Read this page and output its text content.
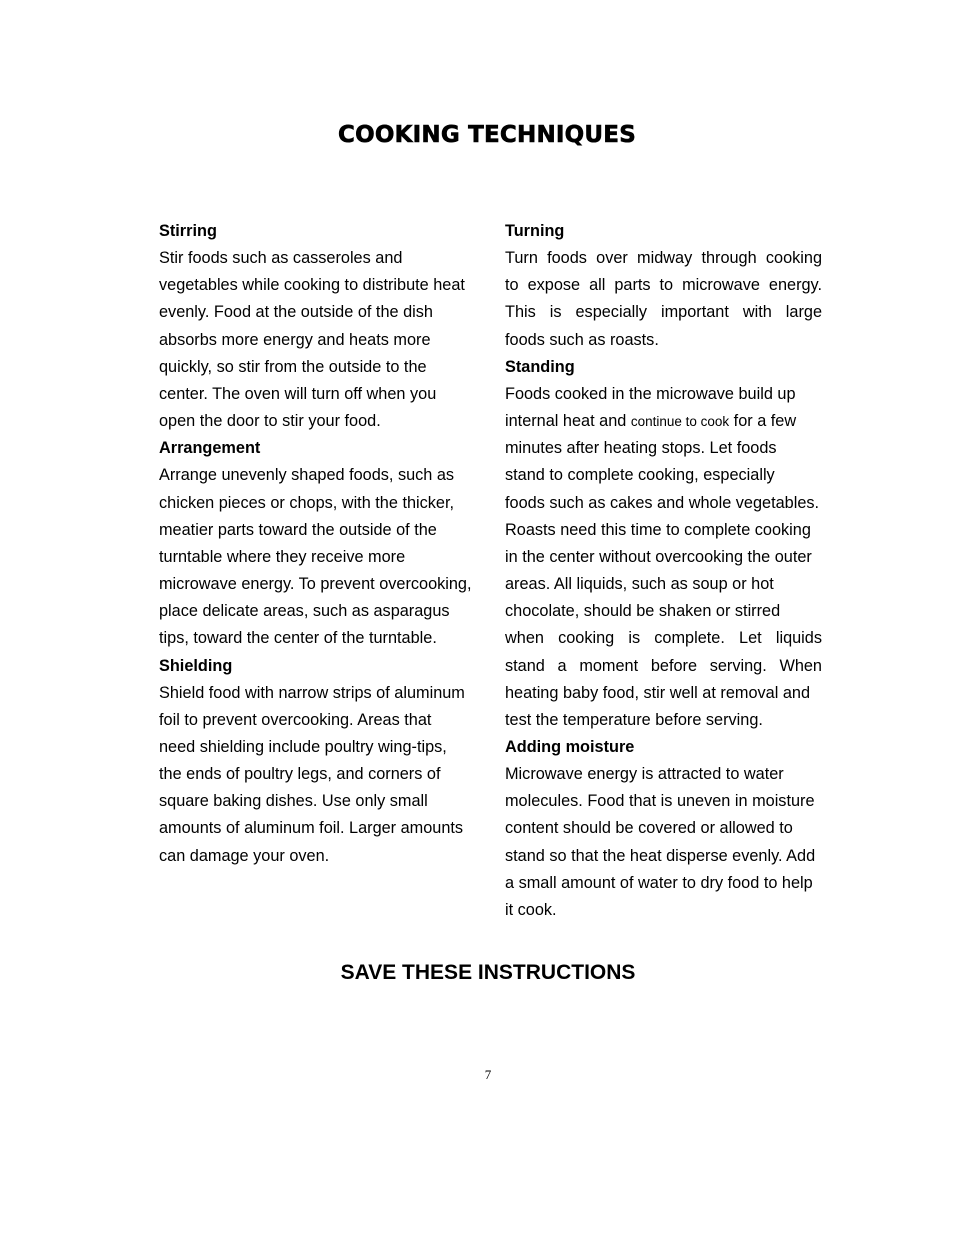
COOKING TECHNIQUES
Stirring
Stir foods such as casseroles and
vegetables while cooking to distribute heat
evenly. Food at the outside of the dish
absorbs more energy and heats more
quickly, so stir from the outside to the
center. The oven will turn off when you
open the door to stir your food.
Arrangement
Arrange unevenly shaped foods, such as
chicken pieces or chops, with the thicker,
meatier parts toward the outside of the
turntable where they receive more
microwave energy. To prevent overcooking,
place delicate areas, such as asparagus
tips, toward the center of the turntable.
Shielding
Shield food with narrow strips of aluminum
foil to prevent overcooking. Areas that
need shielding include poultry wing-tips,
the ends of poultry legs, and corners of
square baking dishes. Use only small
amounts of aluminum foil. Larger amounts
can damage your oven.
Turning
Turn foods over midway through cooking
to expose all parts to microwave energy.
This is especially important with large
foods such as roasts.
Standing
Foods cooked in the microwave build up
internal heat and continue to cook for a few
minutes after heating stops. Let foods
stand to complete cooking, especially
foods such as cakes and whole vegetables.
Roasts need this time to complete cooking
in the center without overcooking the outer
areas. All liquids, such as soup or hot
chocolate, should be shaken or stirred
when cooking is complete. Let liquids
stand a moment before serving. When
heating baby food, stir well at removal and
test the temperature before serving.
Adding moisture
Microwave energy is attracted to water
molecules. Food that is uneven in moisture
content should be covered or allowed to
stand so that the heat disperse evenly. Add
a small amount of water to dry food to help
it cook.
SAVE THESE INSTRUCTIONS
7
